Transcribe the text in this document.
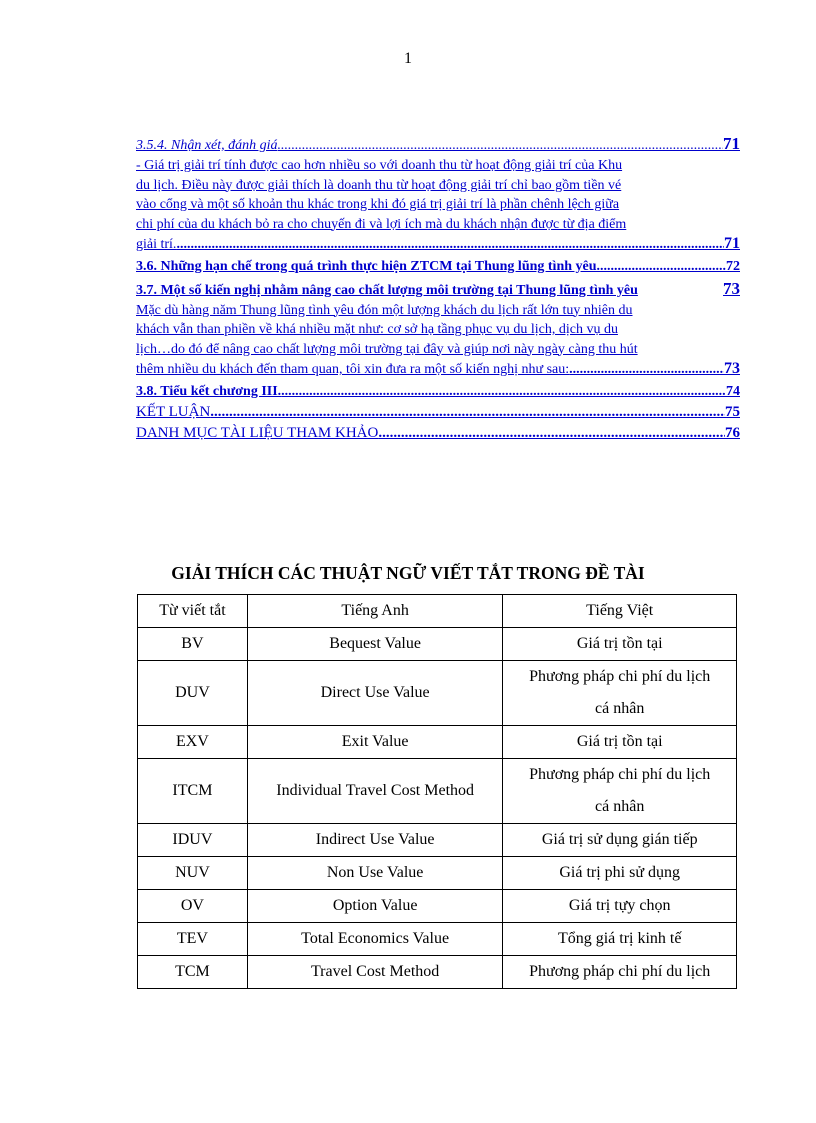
1
3.5.4. Nhận xét, đánh giá .....	71
- Giá trị giải trí tính được cao hơn nhiều so với doanh thu từ hoạt động giải trí của Khu
du lịch. Điều này được giải thích là doanh thu từ hoạt động giải trí chỉ bao gồm tiền vé
vào cổng và một số khoản thu khác trong khi đó giá trị giải trí là phần chênh lệch giữa
chi phí của du khách bỏ ra cho chuyến đi và lợi ích mà du khách nhận được từ địa điểm
giải trí. .....	71
3.6. Những hạn chế trong quá trình thực hiện ZTCM tại Thung lũng tình yêu. .....	72
3.7. Một số kiến nghị nhằm nâng cao chất lượng môi trường tại Thung lũng tình yêu	73
Mặc dù hàng năm Thung lũng tình yêu đón một lượng khách du lịch rất lớn tuy nhiên du
khách vẫn than phiền về khá nhiều mặt như: cơ sở hạ tầng phục vụ du lịch, dịch vụ du
lịch…do đó để nâng cao chất lượng môi trường tại đây và giúp nơi này ngày càng thu hút
thêm nhiều du khách đến tham quan, tôi xin đưa ra một số kiến nghị như sau: .....	73
3.8. Tiểu kết chương III. .....	74
KẾT LUẬN .....	75
DANH MỤC TÀI LIỆU THAM KHẢO .....	76
GIẢI THÍCH CÁC THUẬT NGỮ VIẾT TẮT TRONG ĐỀ TÀI
Từ viết tắt	Tiếng Anh	Tiếng Việt
BV	Bequest Value	Giá trị tồn tại
DUV	Direct Use Value	Phương pháp chi phí du lịch
cá nhân

EXV	Exit Value	Giá trị tồn tại
ITCM	Individual Travel Cost Method	Phương pháp chi phí du lịch
cá nhân

IDUV	Indirect Use Value	Giá trị sử dụng gián tiếp
NUV	Non Use Value	Giá trị phi sử dụng
OV	Option Value	Giá trị tựy chọn
TEV	Total Economics Value	Tổng giá trị kinh tế
TCM	Travel Cost Method	Phương pháp chi phí du lịch
